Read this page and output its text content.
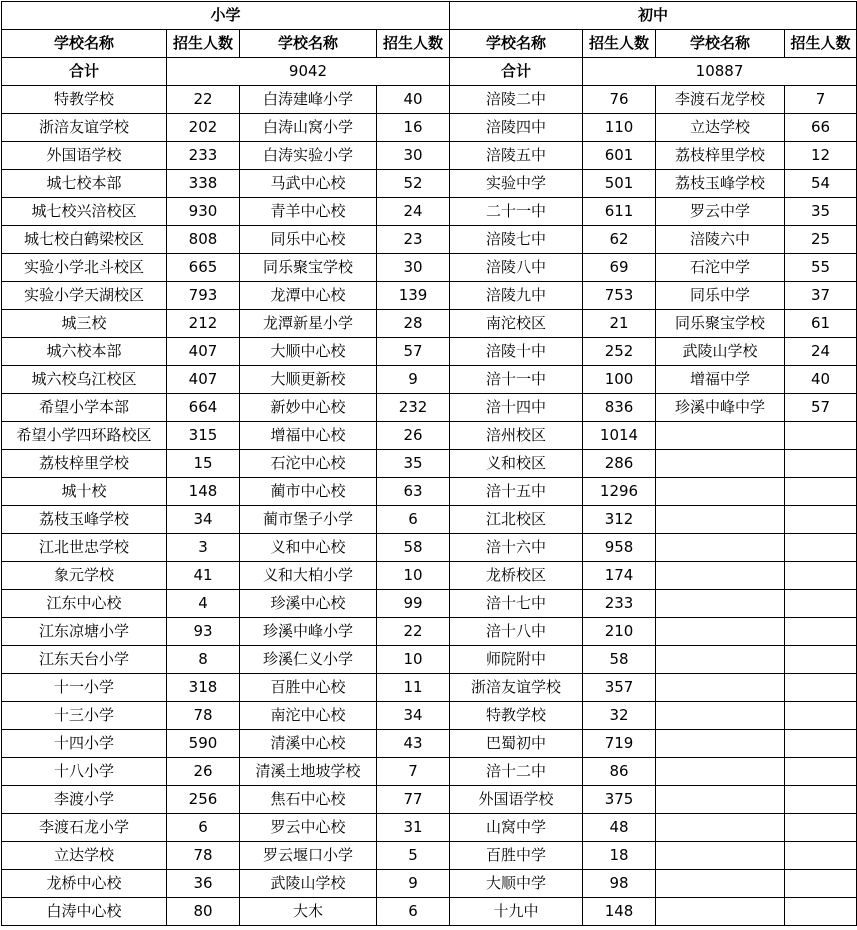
小学				初中			
学校名称	招生人数	学校名称	招生人数	学校名称	招生人数	学校名称	招生人数
合计	9042			合计	10887		
特教学校	22	白涛建峰小学	40	涪陵二中	76	李渡石龙学校	7
浙涪友谊学校	202	白涛山窝小学	16	涪陵四中	110	立达学校	66
外国语学校	233	白涛实验小学	30	涪陵五中	601	荔枝梓里学校	12
城七校本部	338	马武中心校	52	实验中学	501	荔枝玉峰学校	54
城七校兴涪校区	930	青羊中心校	24	二十一中	611	罗云中学	35
城七校白鹤梁校区	808	同乐中心校	23	涪陵七中	62	涪陵六中	25
实验小学北斗校区	665	同乐聚宝学校	30	涪陵八中	69	石沱中学	55
实验小学天湖校区	793	龙潭中心校	139	涪陵九中	753	同乐中学	37
城三校	212	龙潭新星小学	28	南沱校区	21	同乐聚宝学校	61
城六校本部	407	大顺中心校	57	涪陵十中	252	武陵山学校	24
城六校乌江校区	407	大顺更新校	9	涪十一中	100	增福中学	40
希望小学本部	664	新妙中心校	232	涪十四中	836	珍溪中峰中学	57
希望小学四环路校区	315	增福中心校	26	涪州校区	1014		
荔枝梓里学校	15	石沱中心校	35	义和校区	286		
城十校	148	蔺市中心校	63	涪十五中	1296		
荔枝玉峰学校	34	蔺市堡子小学	6	江北校区	312		
江北世忠学校	3	义和中心校	58	涪十六中	958		
象元学校	41	义和大柏小学	10	龙桥校区	174		
江东中心校	4	珍溪中心校	99	涪十七中	233		
江东凉塘小学	93	珍溪中峰小学	22	涪十八中	210		
江东天台小学	8	珍溪仁义小学	10	师院附中	58		
十一小学	318	百胜中心校	11	浙涪友谊学校	357		
十三小学	78	南沱中心校	34	特教学校	32		
十四小学	590	清溪中心校	43	巴蜀初中	719		
十八小学	26	清溪土地坡学校	7	涪十二中	86		
李渡小学	256	焦石中心校	77	外国语学校	375		
李渡石龙小学	6	罗云中心校	31	山窝中学	48		
立达学校	78	罗云堰口小学	5	百胜中学	18		
龙桥中心校	36	武陵山学校	9	大顺中学	98		
白涛中心校	80	大木	6	十九中	148		
